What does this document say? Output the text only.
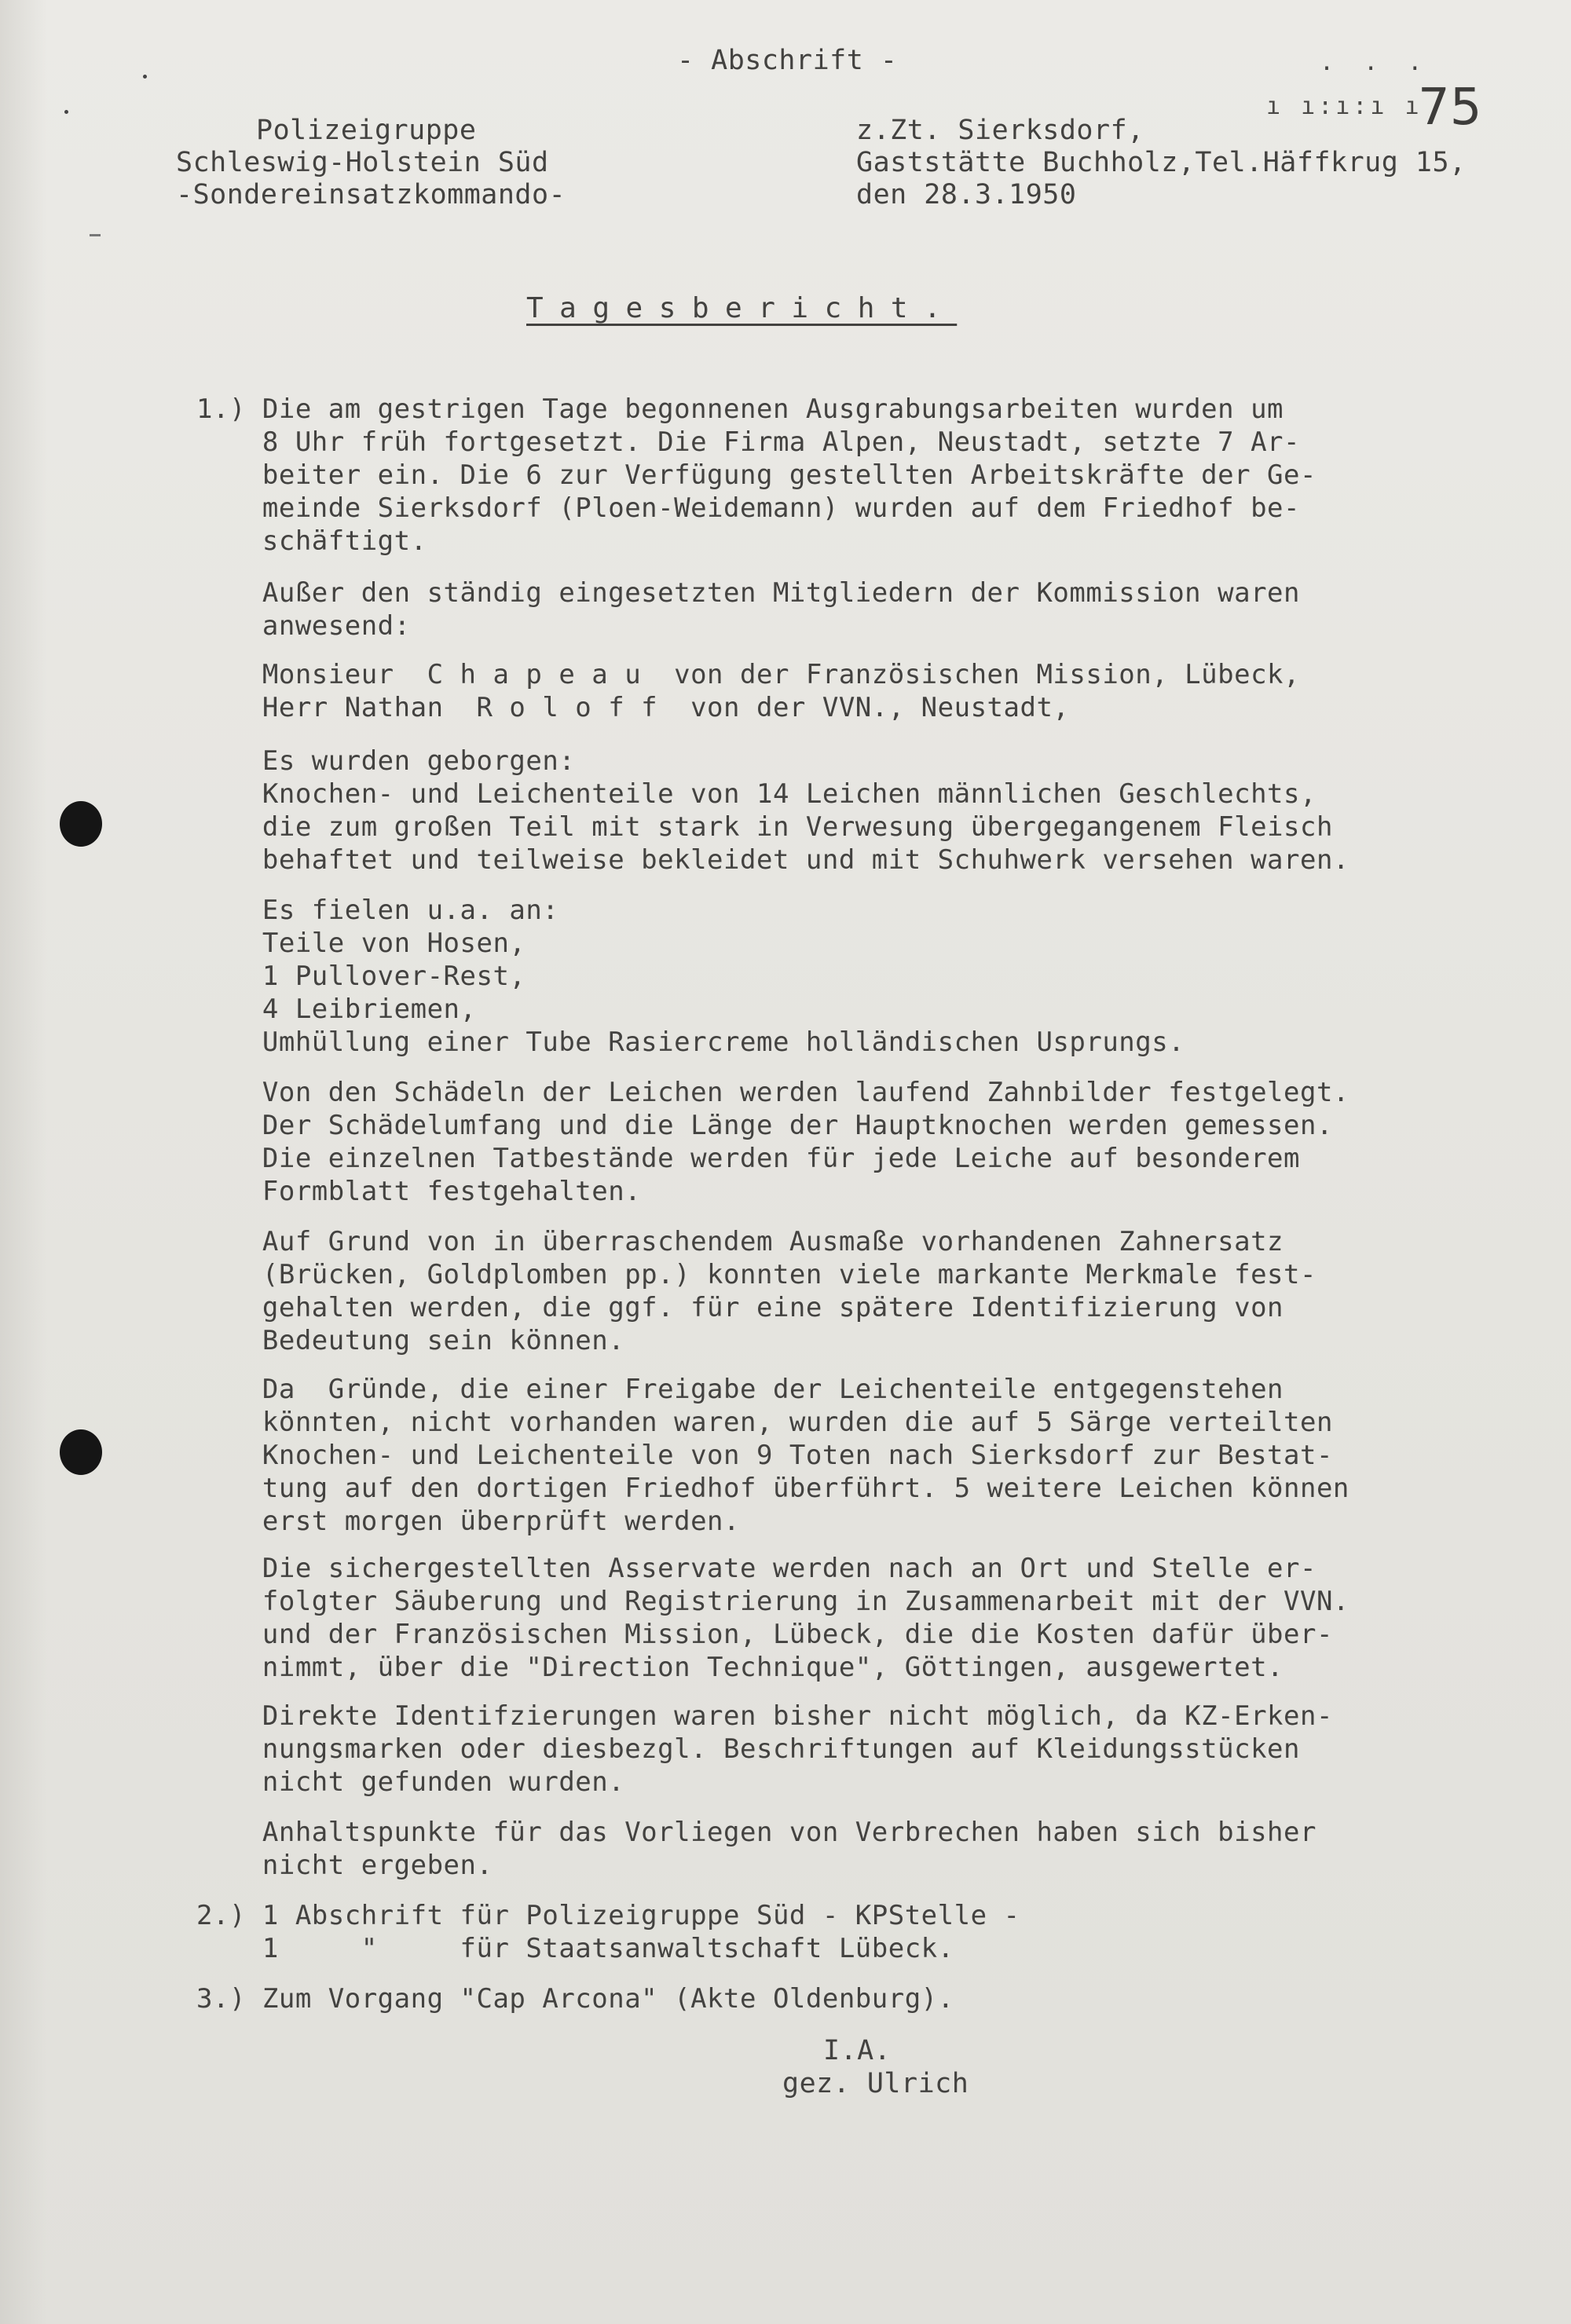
- Abschrift -	. . .
ı ı:ı:ı ı
75
Polizeigruppe
Schleswig-Holstein Süd
-Sondereinsatzkommando-
z.Zt. Sierksdorf,
Gaststätte Buchholz,Tel.Häffkrug 15,
den 28.3.1950
Tagesbericht.
1.) Die am gestrigen Tage begonnenen Ausgrabungsarbeiten wurden um
8 Uhr früh fortgesetzt. Die Firma Alpen, Neustadt, setzte 7 Ar-
beiter ein. Die 6 zur Verfügung gestellten Arbeitskräfte der Ge-
meinde Sierksdorf (Ploen-Weidemann) wurden auf dem Friedhof be-
schäftigt.
Außer den ständig eingesetzten Mitgliedern der Kommission waren
anwesend:
Monsieur  C h a p e a u  von der Französischen Mission, Lübeck,
Herr Nathan  R o l o f f  von der VVN., Neustadt,
Es wurden geborgen:
Knochen- und Leichenteile von 14 Leichen männlichen Geschlechts,
die zum großen Teil mit stark in Verwesung übergegangenem Fleisch
behaftet und teilweise bekleidet und mit Schuhwerk versehen waren.
Es fielen u.a. an:
Teile von Hosen,
1 Pullover-Rest,
4 Leibriemen,
Umhüllung einer Tube Rasiercreme holländischen Usprungs.
Von den Schädeln der Leichen werden laufend Zahnbilder festgelegt.
Der Schädelumfang und die Länge der Hauptknochen werden gemessen.
Die einzelnen Tatbestände werden für jede Leiche auf besonderem
Formblatt festgehalten.
Auf Grund von in überraschendem Ausmaße vorhandenen Zahnersatz
(Brücken, Goldplomben pp.) konnten viele markante Merkmale fest-
gehalten werden, die ggf. für eine spätere Identifizierung von
Bedeutung sein können.
Da  Gründe, die einer Freigabe der Leichenteile entgegenstehen
könnten, nicht vorhanden waren, wurden die auf 5 Särge verteilten
Knochen- und Leichenteile von 9 Toten nach Sierksdorf zur Bestat-
tung auf den dortigen Friedhof überführt. 5 weitere Leichen können
erst morgen überprüft werden.
Die sichergestellten Asservate werden nach an Ort und Stelle er-
folgter Säuberung und Registrierung in Zusammenarbeit mit der VVN.
und der Französischen Mission, Lübeck, die die Kosten dafür über-
nimmt, über die "Direction Technique", Göttingen, ausgewertet.
Direkte Identifzierungen waren bisher nicht möglich, da KZ-Erken-
nungsmarken oder diesbezgl. Beschriftungen auf Kleidungsstücken
nicht gefunden wurden.
Anhaltspunkte für das Vorliegen von Verbrechen haben sich bisher
nicht ergeben.
2.) 1 Abschrift für Polizeigruppe Süd - KPStelle -
1     "     für Staatsanwaltschaft Lübeck.
3.) Zum Vorgang "Cap Arcona" (Akte Oldenburg).
I.A.
gez. Ulrich
